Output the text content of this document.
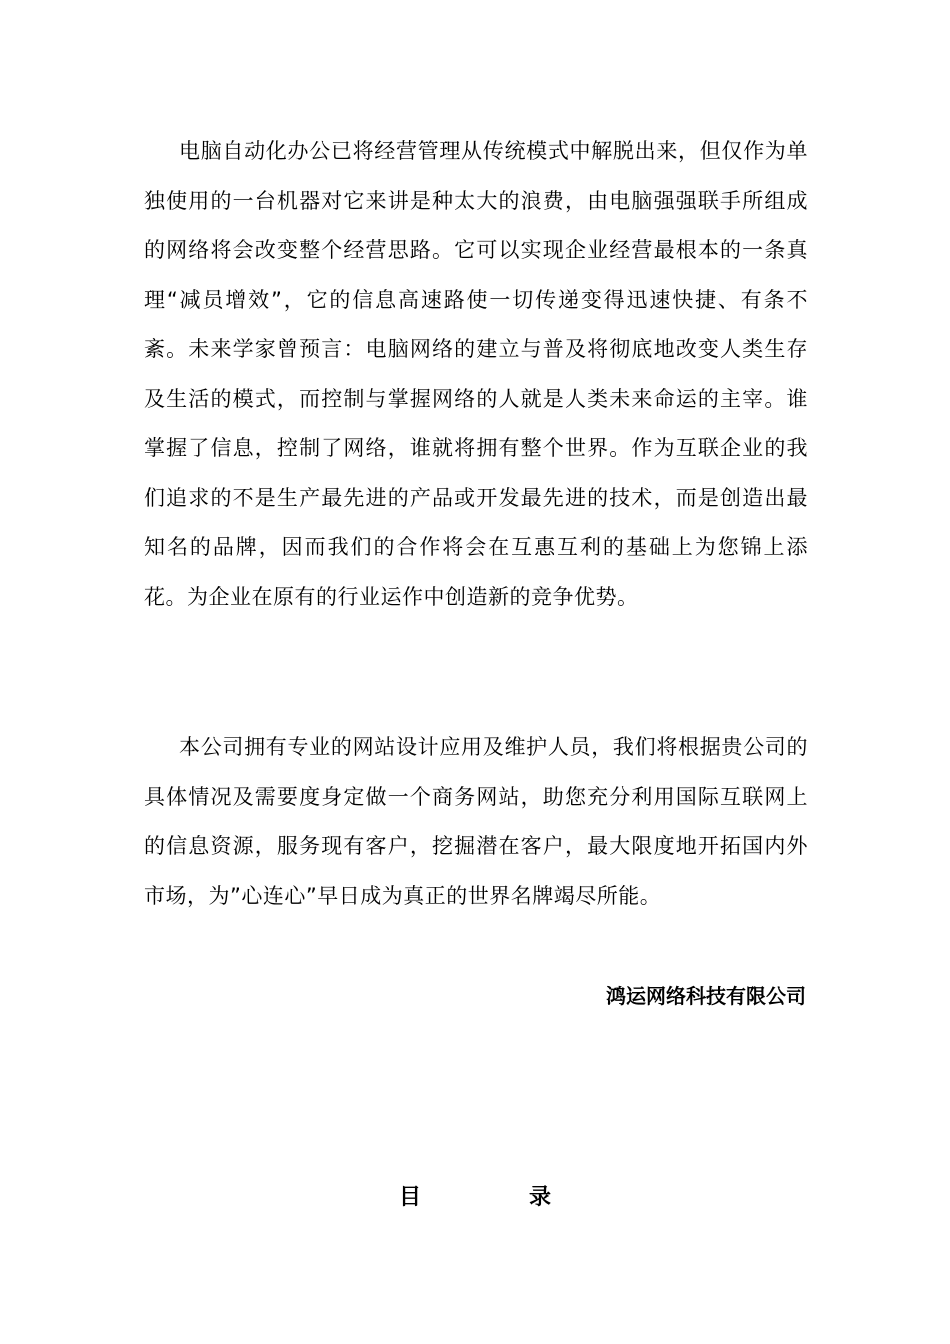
电脑自动化办公已将经营管理从传统模式中解脱出来，但仅作为单独使用的一台机器对它来讲是种太大的浪费，由电脑强强联手所组成的网络将会改变整个经营思路。它可以实现企业经营最根本的一条真理“减员增效”，它的信息高速路使一切传递变得迅速快捷、有条不紊。未来学家曾预言：电脑网络的建立与普及将彻底地改变人类生存及生活的模式，而控制与掌握网络的人就是人类未来命运的主宰。谁掌握了信息，控制了网络，谁就将拥有整个世界。作为互联企业的我们追求的不是生产最先进的产品或开发最先进的技术，而是创造出最知名的品牌，因而我们的合作将会在互惠互利的基础上为您锦上添花。为企业在原有的行业运作中创造新的竞争优势。

本公司拥有专业的网站设计应用及维护人员，我们将根据贵公司的具体情况及需要度身定做一个商务网站，助您充分利用国际互联网上的信息资源，服务现有客户，挖掘潜在客户，最大限度地开拓国内外市场，为”心连心”早日成为真正的世界名牌竭尽所能。

鸿运网络科技有限公司

目录
